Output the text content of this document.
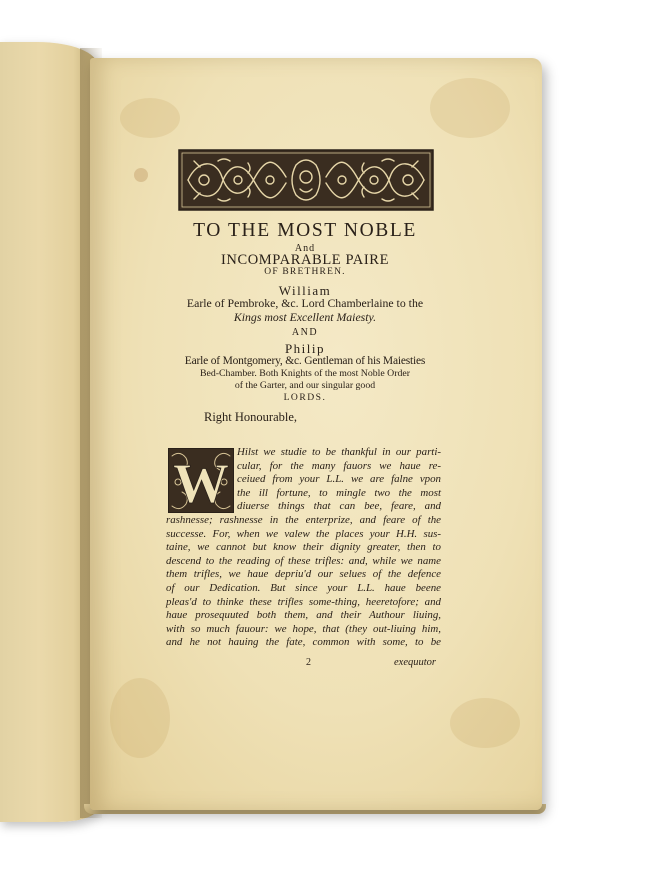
TO THE MOST NOBLE
And
INCOMPARABLE PAIRE
OF BRETHREN.
William
Earle of Pembroke, &c. Lord Chamberlaine to the
Kings most Excellent Maiesty.
AND
Philip
Earle of Montgomery, &c. Gentleman of his Maiesties
Bed-Chamber. Both Knights of the most Noble Order
of the Garter, and our singular good
LORDS.
Right Honourable,
W
Hilst we studie to be thankful in our parti-
cular, for the many fauors we haue re-
ceiued from your L.L. we are falne vpon
the ill fortune, to mingle two the most
diuerse things that can bee, feare, and
rashnesse; rashnesse in the enterprize, and feare of the
successe. For, when we valew the places your H.H. sus-
taine, we cannot but know their dignity greater, then to
descend to the reading of these trifles: and, while we name
them trifles, we haue depriu'd our selues of the defence
of our Dedication. But since your L.L. haue beene
pleas'd to thinke these trifles some-thing, heeretofore; and
haue prosequuted both them, and their Authour liuing,
with so much fauour: we hope, that (they out-liuing him,
and he not hauing the fate, common with some, to be
2	exequutor
